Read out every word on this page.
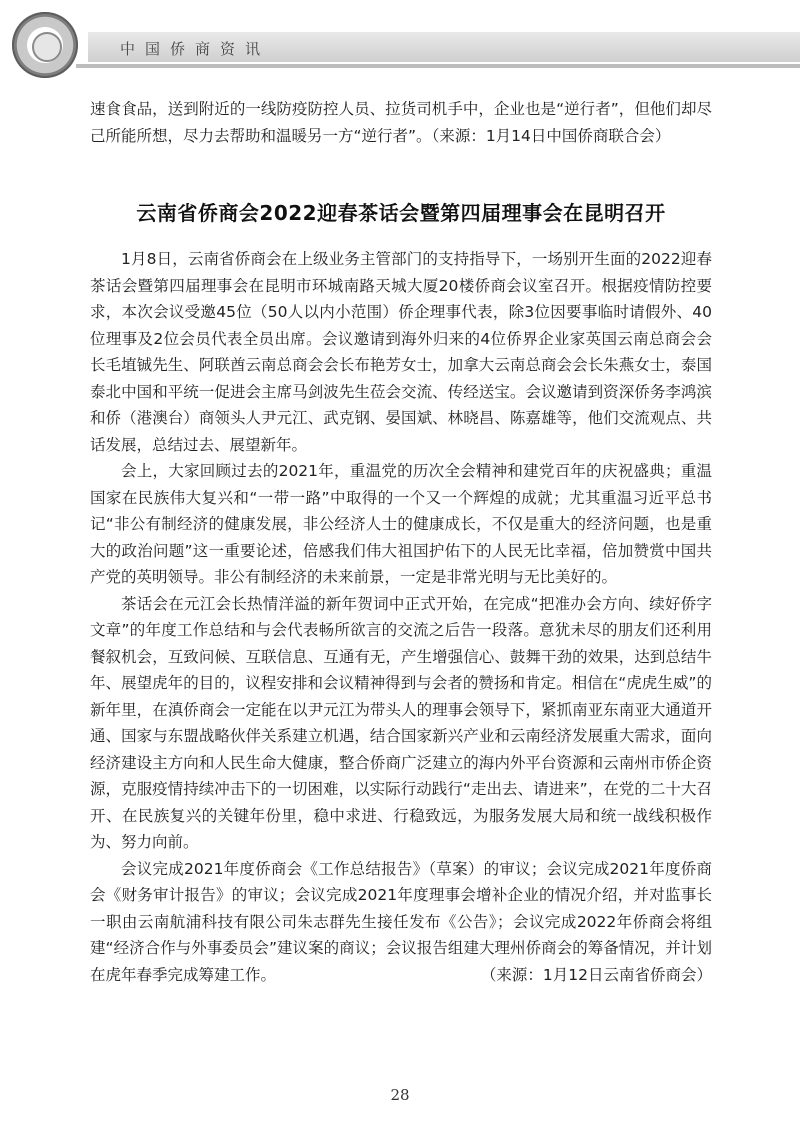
中国侨商资讯

速食食品，送到附近的一线防疫防控人员、拉货司机手中，企业也是“逆行者”，但他们却尽己所能所想，尽力去帮助和温暖另一方“逆行者”。（来源：1月14日中国侨商联合会）

云南省侨商会2022迎春茶话会暨第四届理事会在昆明召开

1月8日，云南省侨商会在上级业务主管部门的支持指导下，一场别开生面的2022迎春茶话会暨第四届理事会在昆明市环城南路天城大厦20楼侨商会议室召开。根据疫情防控要求，本次会议受邀45位（50人以内小范围）侨企理事代表，除3位因要事临时请假外、40位理事及2位会员代表全员出席。会议邀请到海外归来的4位侨界企业家英国云南总商会会长毛埴铖先生、阿联酋云南总商会会长布艳芳女士，加拿大云南总商会会长朱燕女士，泰国泰北中国和平统一促进会主席马剑波先生莅会交流、传经送宝。会议邀请到资深侨务李鸿滨和侨（港澳台）商领头人尹元江、武克钢、晏国斌、林晓昌、陈嘉雄等，他们交流观点、共话发展，总结过去、展望新年。

会上，大家回顾过去的2021年，重温党的历次全会精神和建党百年的庆祝盛典；重温国家在民族伟大复兴和“一带一路”中取得的一个又一个辉煌的成就；尤其重温习近平总书记“非公有制经济的健康发展，非公经济人士的健康成长，不仅是重大的经济问题，也是重大的政治问题”这一重要论述，倍感我们伟大祖国护佑下的人民无比幸福，倍加赞赏中国共产党的英明领导。非公有制经济的未来前景，一定是非常光明与无比美好的。

茶话会在元江会长热情洋溢的新年贺词中正式开始，在完成“把准办会方向、续好侨字文章”的年度工作总结和与会代表畅所欲言的交流之后告一段落。意犹未尽的朋友们还利用餐叙机会，互致问候、互联信息、互通有无，产生增强信心、鼓舞干劲的效果，达到总结牛年、展望虎年的目的，议程安排和会议精神得到与会者的赞扬和肯定。相信在“虎虎生威”的新年里，在滇侨商会一定能在以尹元江为带头人的理事会领导下，紧抓南亚东南亚大通道开通、国家与东盟战略伙伴关系建立机遇，结合国家新兴产业和云南经济发展重大需求，面向经济建设主方向和人民生命大健康，整合侨商广泛建立的海内外平台资源和云南州市侨企资源，克服疫情持续冲击下的一切困难，以实际行动践行“走出去、请进来”，在党的二十大召开、在民族复兴的关键年份里，稳中求进、行稳致远，为服务发展大局和统一战线积极作为、努力向前。

会议完成2021年度侨商会《工作总结报告》（草案）的审议；会议完成2021年度侨商会《财务审计报告》的审议；会议完成2021年度理事会增补企业的情况介绍，并对监事长一职由云南航浦科技有限公司朱志群先生接任发布《公告》；会议完成2022年侨商会将组建“经济合作与外事委员会”建议案的商议；会议报告组建大理州侨商会的筹备情况，并计划在虎年春季完成筹建工作。	（来源：1月12日云南省侨商会）

28
